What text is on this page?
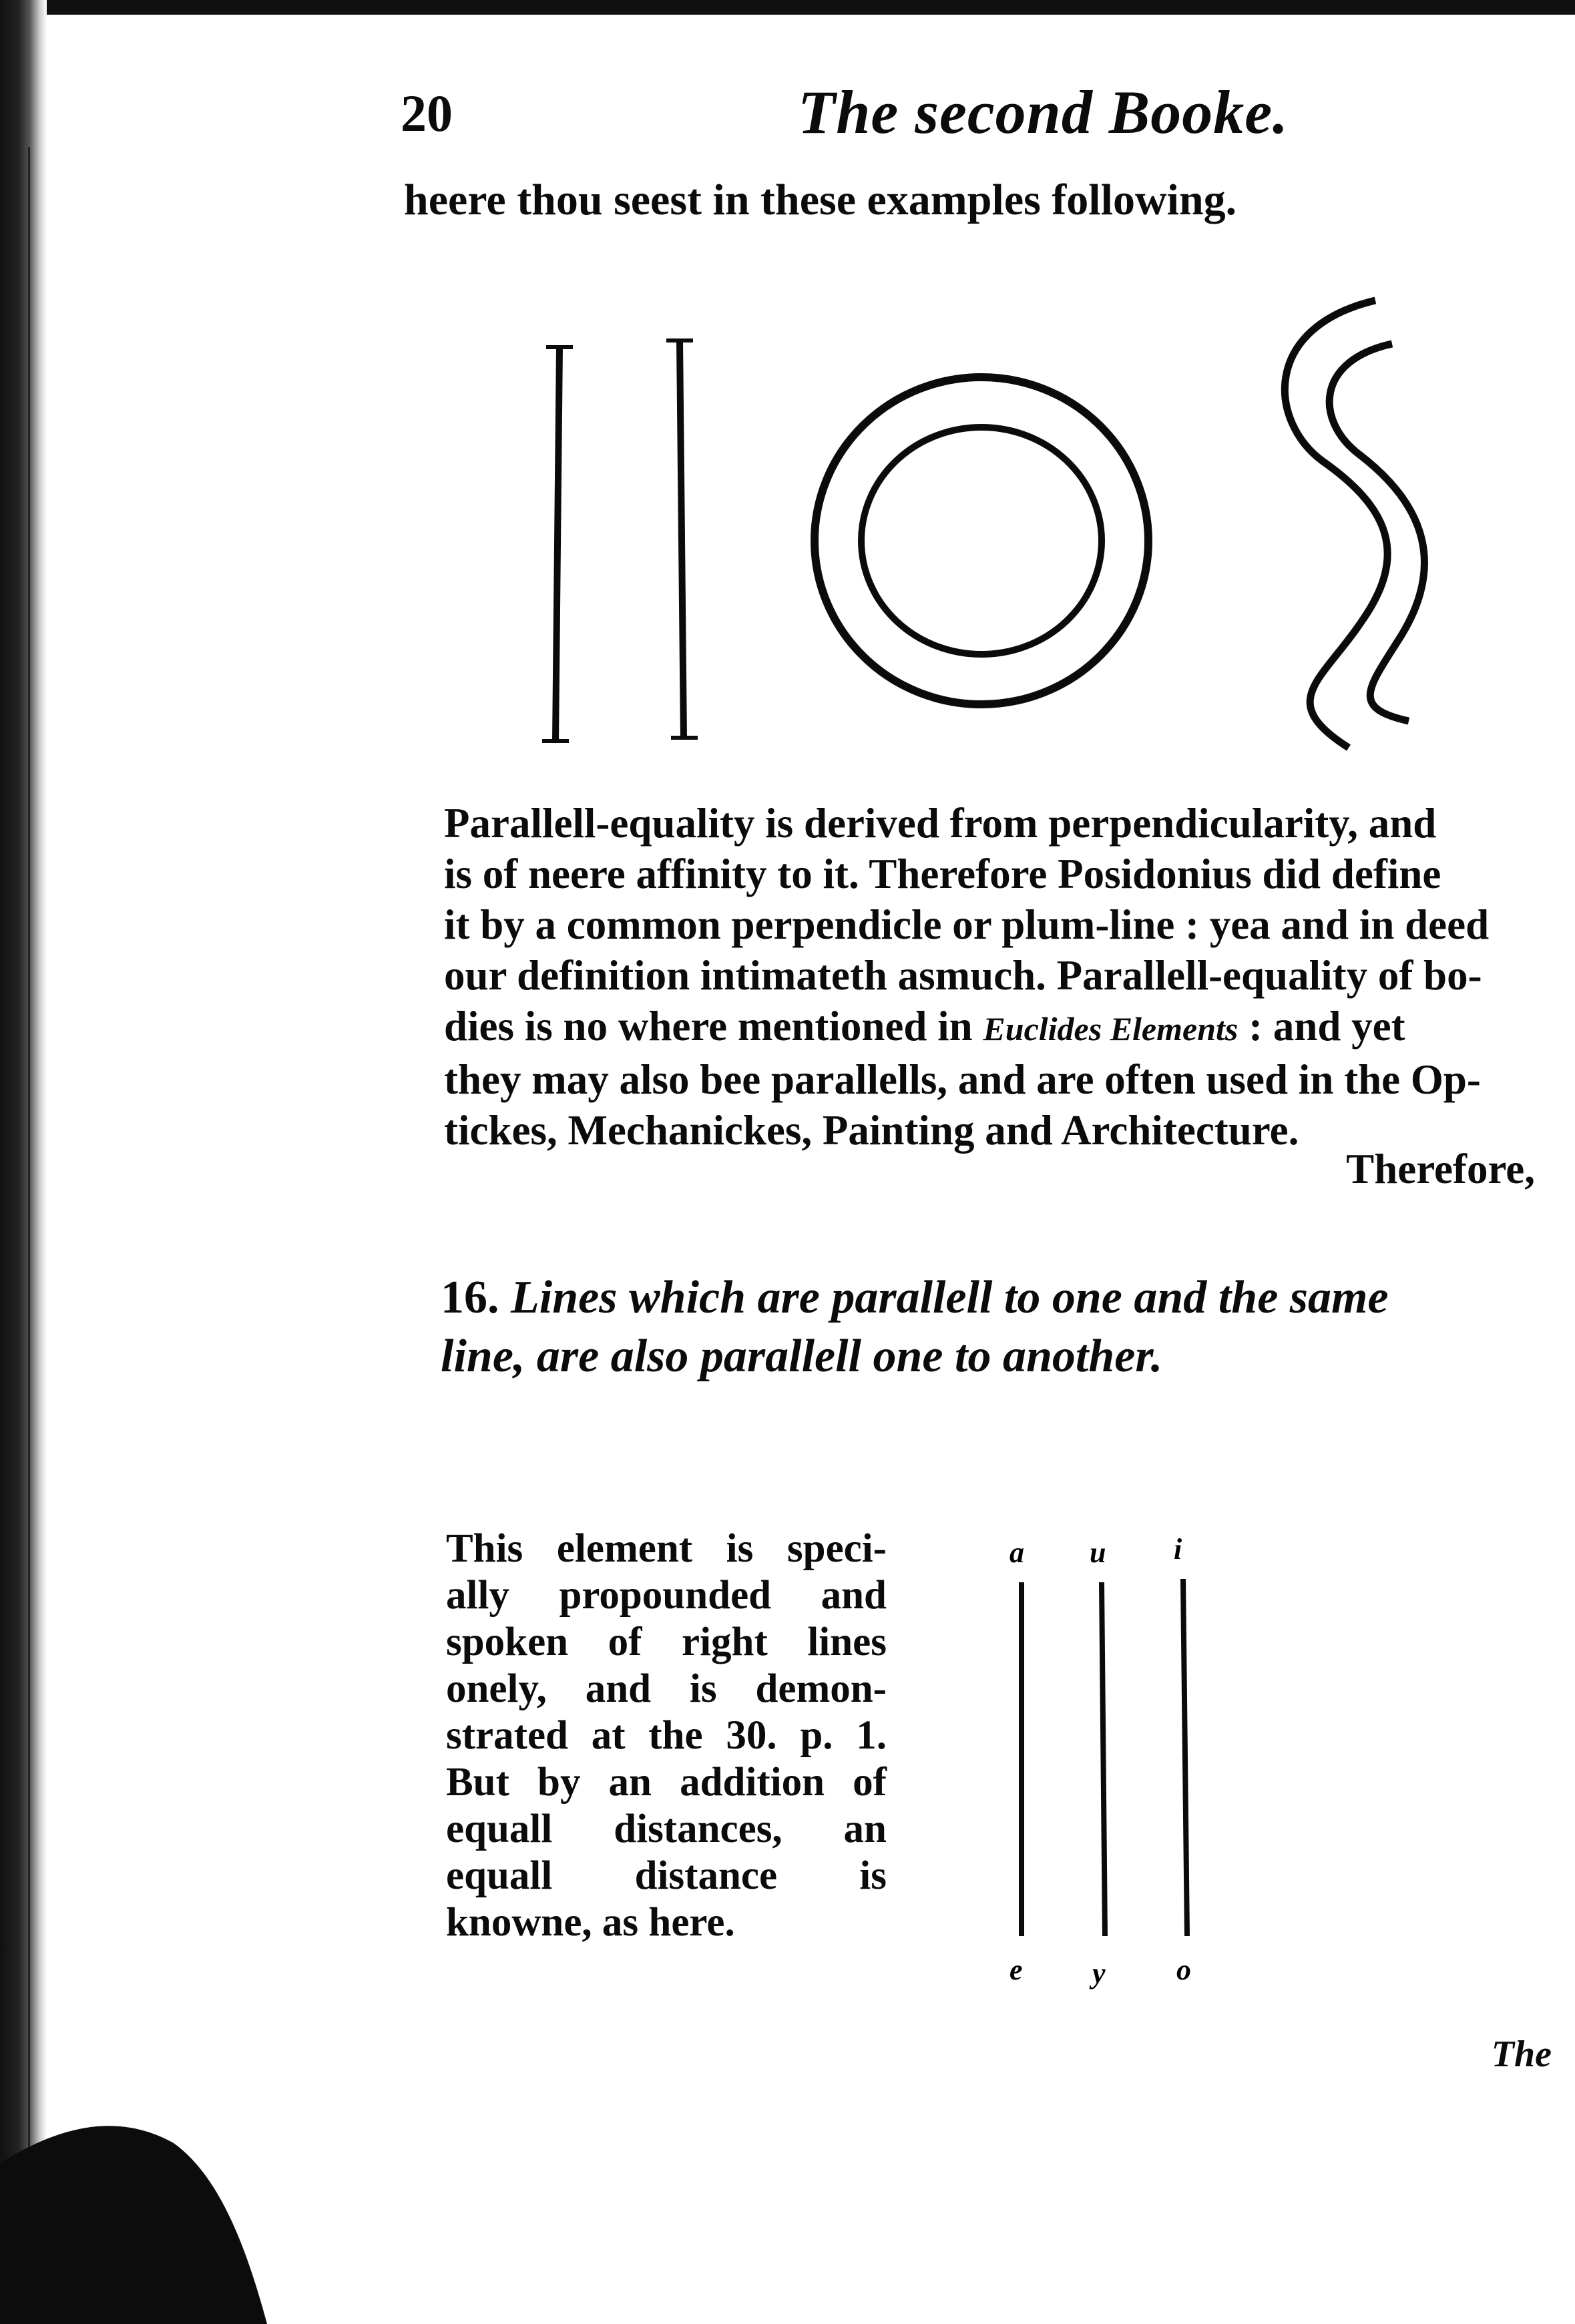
20	The second Booke.
heere thou seest in these examples following.
Parallell-equality is derived from perpendicularity, and
is of neere affinity to it. Therefore Posidonius did define
it by a common perpendicle or plum-line : yea and in deed
our definition intimateth asmuch. Parallell-equality of bo-
dies is no where mentioned in Euclides Elements : and yet
they may also bee parallells, and are often used in the Op-
tickes, Mechanickes, Painting and Architecture.
Therefore,
16. Lines which are parallell to one and the same
line, are also parallell one to another.
This element is speci-
ally propounded and
spoken of right lines
onely, and is demon-
strated at the 30. p. 1.
But by an addition of
equall distances, an
equall distance is
knowne, as here.
a u i
e y o
The
